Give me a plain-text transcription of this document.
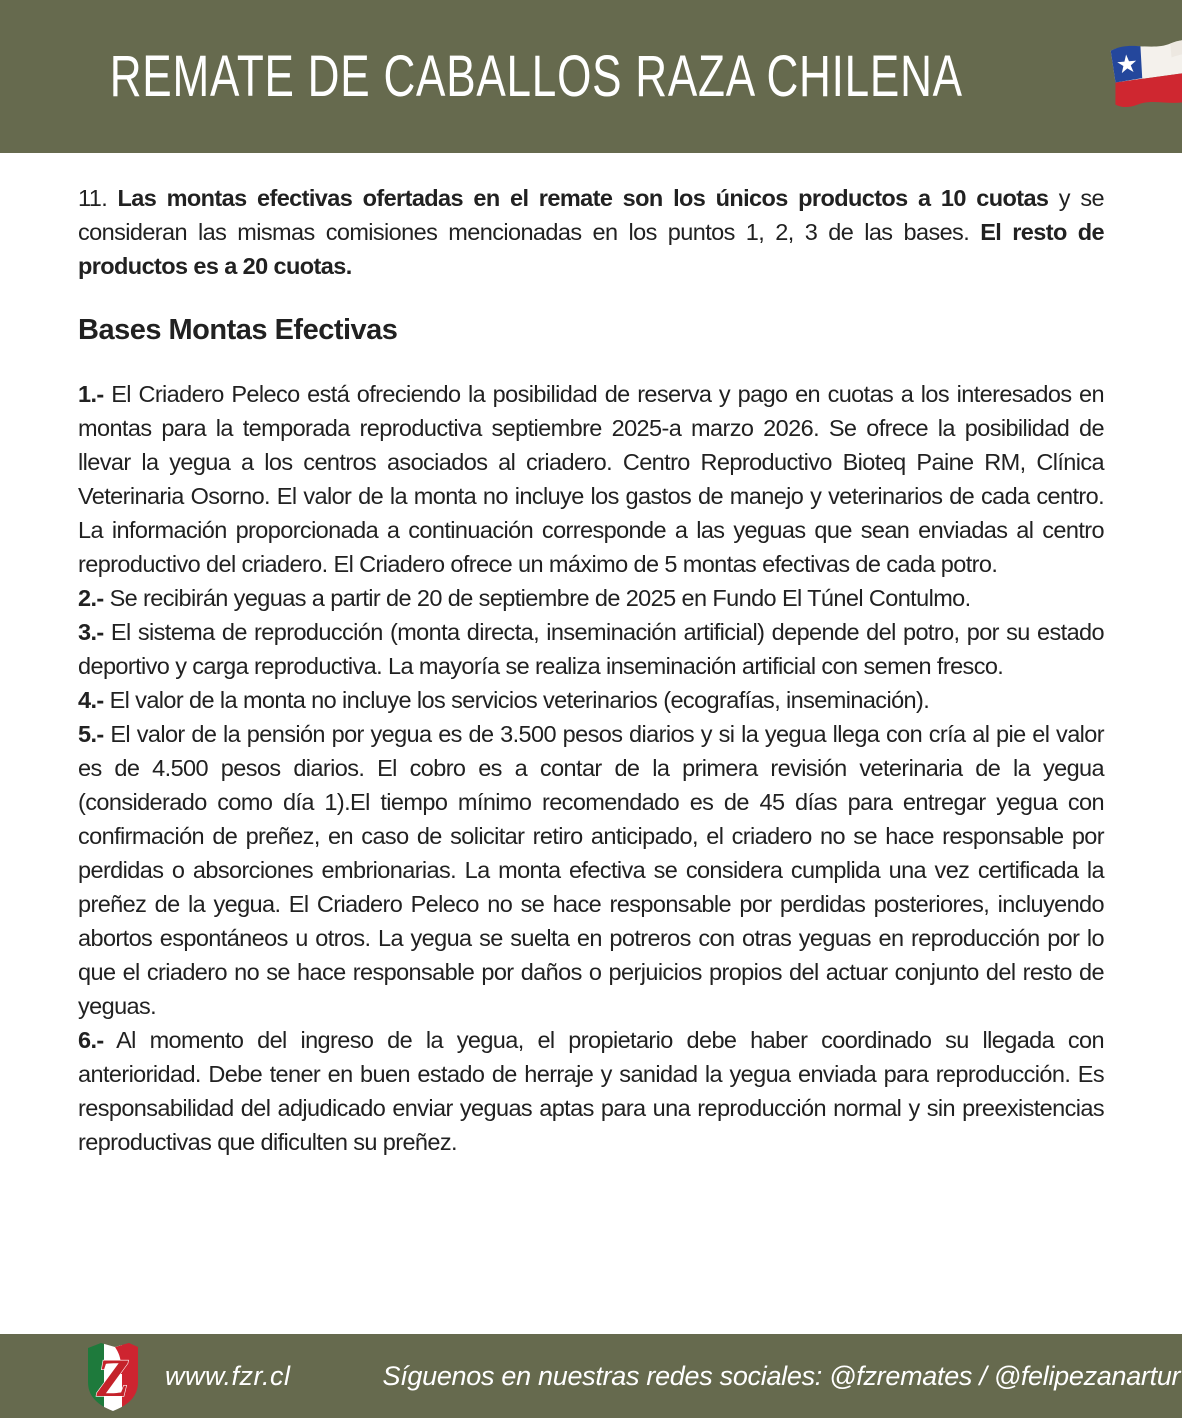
REMATE DE CABALLOS RAZA CHILENA

11. Las montas efectivas ofertadas en el remate son los únicos productos a 10 cuotas y se consideran las mismas comisiones mencionadas en los puntos 1, 2, 3 de las bases. El resto de productos es a 20 cuotas.

Bases Montas Efectivas

1.- El Criadero Peleco está ofreciendo la posibilidad de reserva y pago en cuotas a los interesados en montas para la temporada reproductiva septiembre 2025-a marzo 2026. Se ofrece la posibilidad de llevar la yegua a los centros asociados al criadero. Centro Reproductivo Bioteq Paine RM, Clínica Veterinaria Osorno. El valor de la monta no incluye los gastos de manejo y veterinarios de cada centro. La información proporcionada a continuación corresponde a las yeguas que sean enviadas al centro reproductivo del criadero. El Criadero ofrece un máximo de 5 montas efectivas de cada potro.

2.- Se recibirán yeguas a partir de 20 de septiembre de 2025 en Fundo El Túnel Contulmo.

3.- El sistema de reproducción (monta directa, inseminación artificial) depende del potro, por su estado deportivo y carga reproductiva. La mayoría se realiza inseminación artificial con semen fresco.

4.- El valor de la monta no incluye los servicios veterinarios (ecografías, inseminación).

5.- El valor de la pensión por yegua es de 3.500 pesos diarios y si la yegua llega con cría al pie el valor es de 4.500 pesos diarios. El cobro es a contar de la primera revisión veterinaria de la yegua (considerado como día 1).El tiempo mínimo recomendado es de 45 días para entregar yegua con confirmación de preñez, en caso de solicitar retiro anticipado, el criadero no se hace responsable por perdidas o absorciones embrionarias. La monta efectiva se considera cumplida una vez certificada la preñez de la yegua. El Criadero Peleco no se hace responsable por perdidas posteriores, incluyendo abortos espontáneos u otros. La yegua se suelta en potreros con otras yeguas en reproducción por lo que el criadero no se hace responsable por daños o perjuicios propios del actuar conjunto del resto de yeguas.

6.- Al momento del ingreso de la yegua, el propietario debe haber coordinado su llegada con anterioridad. Debe tener en buen estado de herraje y sanidad la yegua enviada para reproducción. Es responsabilidad del adjudicado enviar yeguas aptas para una reproducción normal y sin preexistencias reproductivas que dificulten su preñez.

Z www.fzr.cl	Síguenos en nuestras redes sociales: @fzremates / @felipezanartur
